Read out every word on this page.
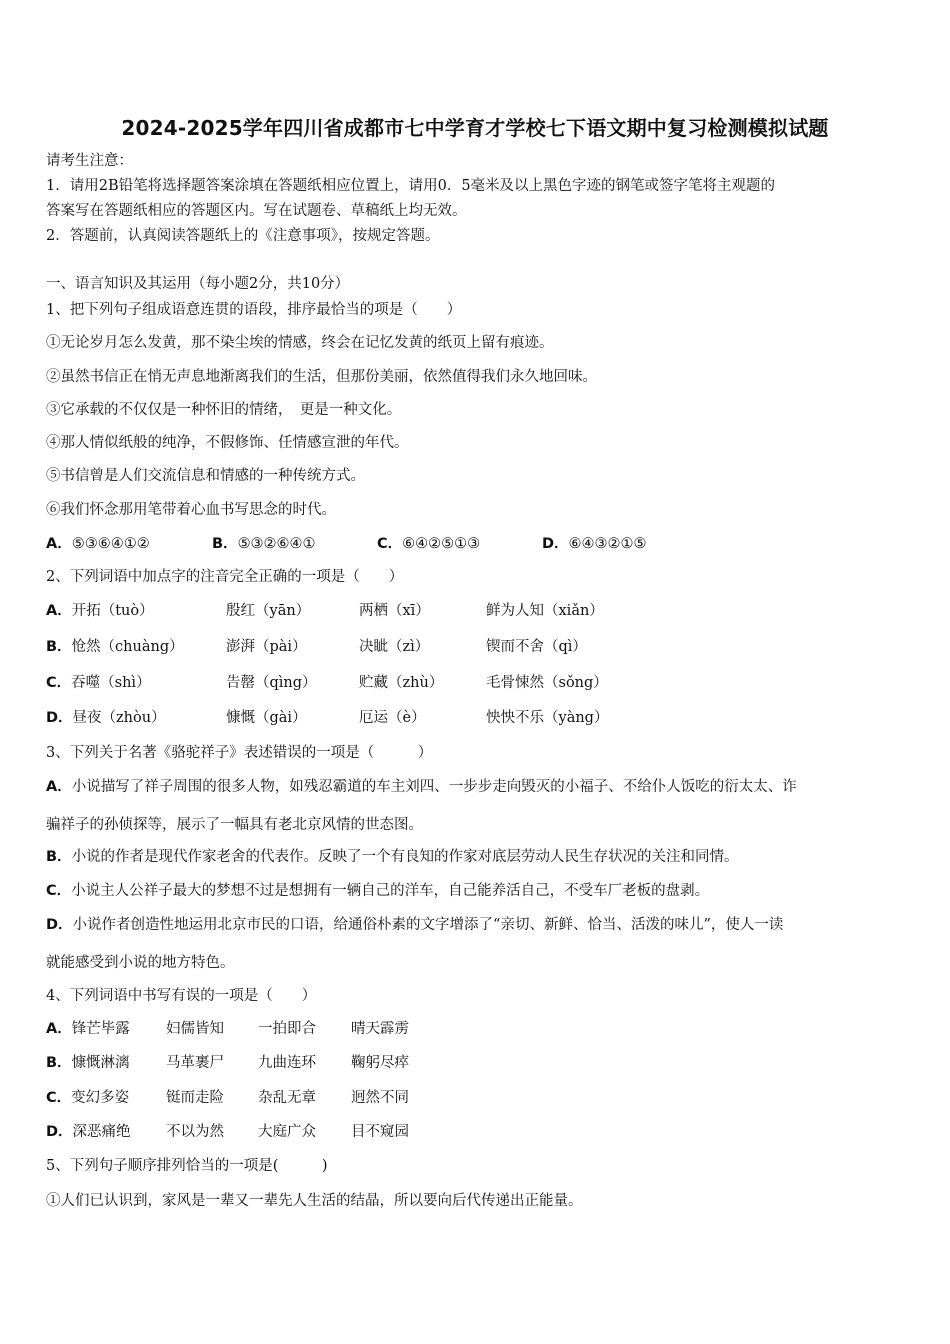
2024-2025学年四川省成都市七中学育才学校七下语文期中复习检测模拟试题
请考生注意：
1．请用2B铅笔将选择题答案涂填在答题纸相应位置上，请用0．5毫米及以上黑色字迹的钢笔或签字笔将主观题的
答案写在答题纸相应的答题区内。写在试题卷、草稿纸上均无效。
2．答题前，认真阅读答题纸上的《注意事项》，按规定答题。
一、语言知识及其运用（每小题2分，共10分）
1、把下列句子组成语意连贯的语段，排序最恰当的项是（　　）
①无论岁月怎么发黄，那不染尘埃的情感，终会在记忆发黄的纸页上留有痕迹。
②虽然书信正在悄无声息地渐离我们的生活，但那份美丽，依然值得我们永久地回味。
③它承载的不仅仅是一种怀旧的情绪，　更是一种文化。
④那人情似纸般的纯净，不假修饰、任情感宣泄的年代。
⑤书信曾是人们交流信息和情感的一种传统方式。
⑥我们怀念那用笔带着心血书写思念的时代。
A．⑤③⑥④①②	B．⑤③②⑥④①	C．⑥④②⑤①③	D．⑥④③②①⑤
2、下列词语中加点字的注音完全正确的一项是（　　）
A．开拓（tuò）	殷红（yān）	两栖（xī）	鲜为人知（xiǎn）
B．怆然（chuàng）	澎湃（pài）	决眦（zì）	锲而不舍（qì）
C．吞噬（shì）	告罄（qìng）	贮藏（zhù）	毛骨悚然（sǒng）
D．昼夜（zhòu）	慷慨（gài）	厄运（è）	怏怏不乐（yàng）
3、下列关于名著《骆驼祥子》表述错误的一项是（　　　）
A．小说描写了祥子周围的很多人物，如残忍霸道的车主刘四、一步步走向毁灭的小福子、不给仆人饭吃的衍太太、诈
骗祥子的孙侦探等，展示了一幅具有老北京风情的世态图。
B．小说的作者是现代作家老舍的代表作。反映了一个有良知的作家对底层劳动人民生存状况的关注和同情。
C．小说主人公祥子最大的梦想不过是想拥有一辆自己的洋车，自己能养活自己，不受车厂老板的盘剥。
D．小说作者创造性地运用北京市民的口语，给通俗朴素的文字增添了“亲切、新鲜、恰当、活泼的味儿”，使人一读
就能感受到小说的地方特色。
4、下列词语中书写有误的一项是（　　）
A．锋芒毕露	妇儒皆知 一拍即合 晴天霹雳
B．慷慨淋漓	马革裹尸 九曲连环 鞠躬尽瘁
C．变幻多姿	铤而走险 杂乱无章 迥然不同
D．深恶痛绝 不以为然 大庭广众 目不窥园
5、下列句子顺序排列恰当的一项是(　　　)
①人们已认识到，家风是一辈又一辈先人生活的结晶，所以要向后代传递出正能量。
